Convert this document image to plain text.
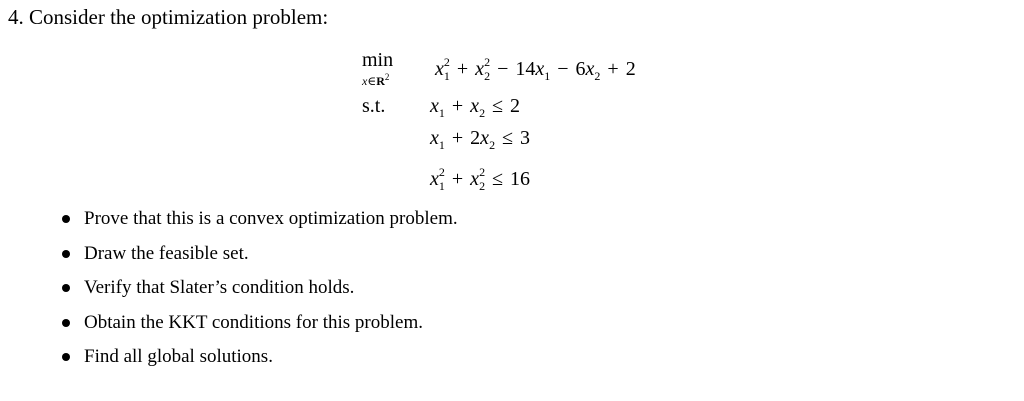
4. Consider the optimization problem:
min
$x\in R^2$ $x_1^2 + x_2^2 - 14x_1 - 6x_2 + 2$
s.t. $x_1 + x_2 \le 2$
$x_1 + 2x_2 \le 3$
$x_1^2 + x_2^2 \le 16$
Prove that this is a convex optimization problem.
Draw the feasible set.
Verify that Slater’s condition holds.
Obtain the KKT conditions for this problem.
Find all global solutions.
